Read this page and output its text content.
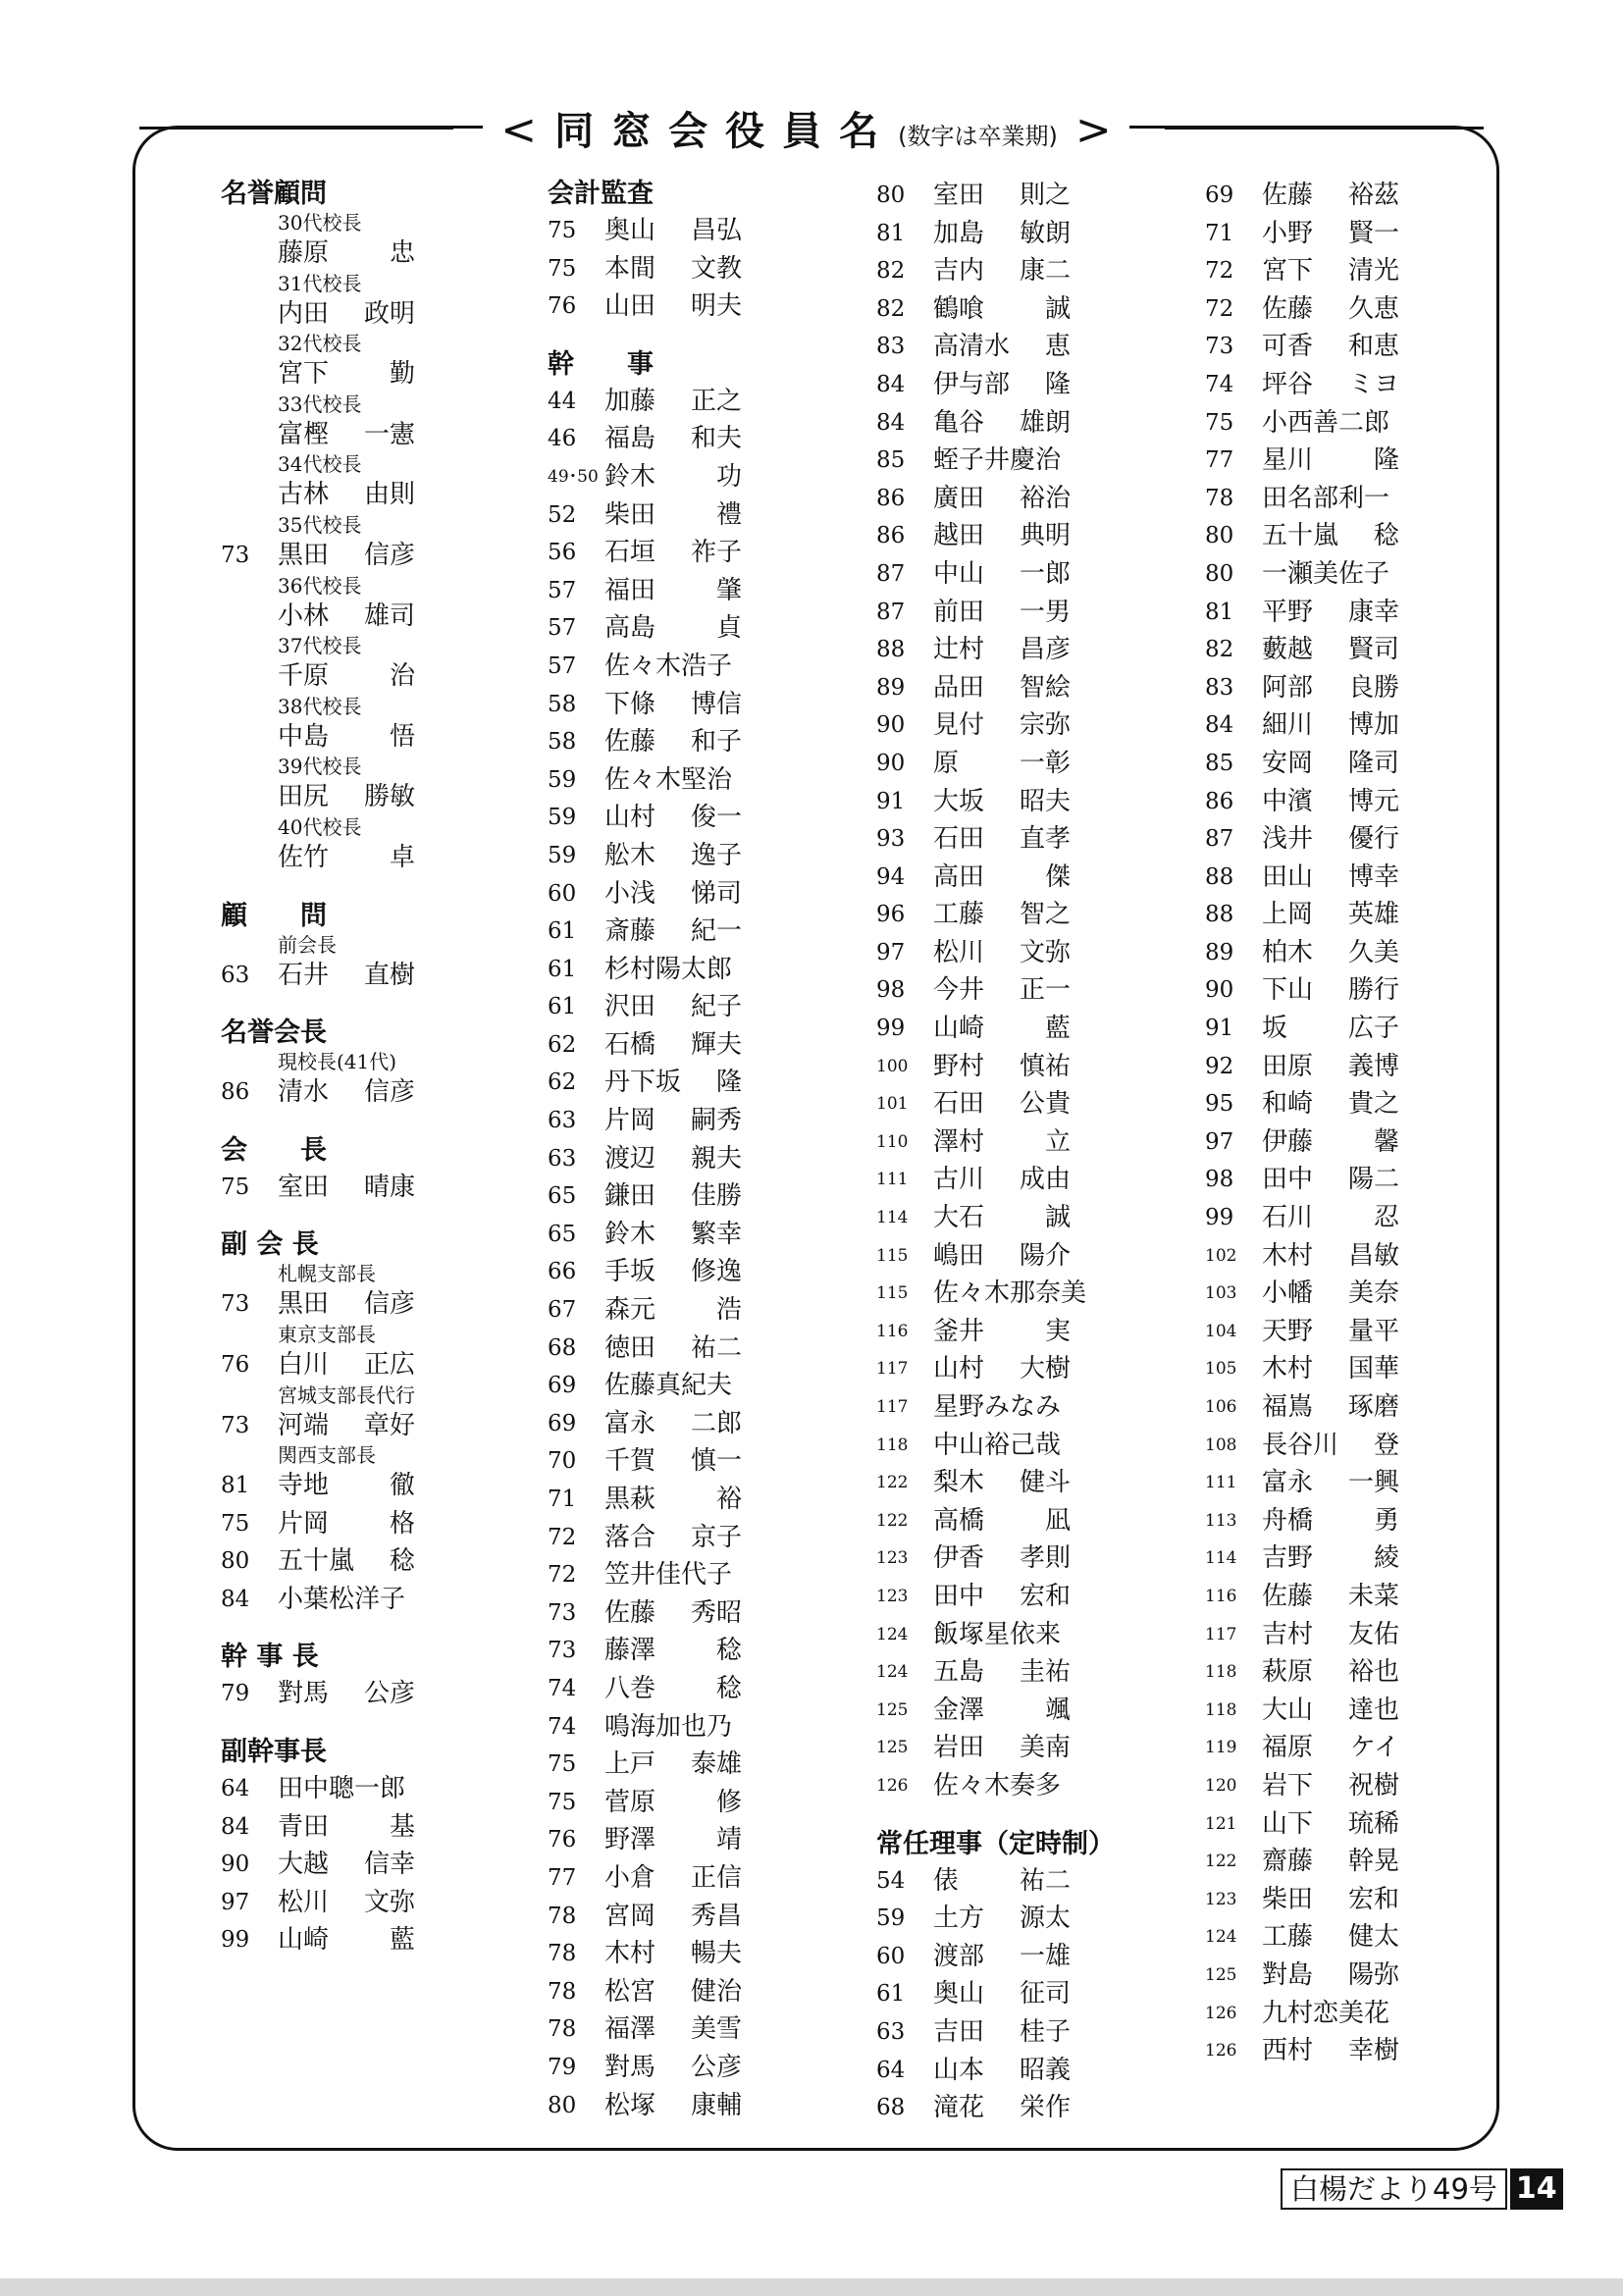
< 同窓会役員名 (数字は卒業期) >
名誉顧問
30代校長
藤原 忠
31代校長
内田 政明
32代校長
宮下 勤
33代校長
富樫 一憲
34代校長
古林 由則
35代校長
73	黒田 信彦
36代校長
小林 雄司
37代校長
千原 治
38代校長
中島 悟
39代校長
田尻 勝敏
40代校長
佐竹 卓
顧　　問
前会長
63	石井 直樹
名誉会長
現校長(41代)
86	清水 信彦
会　　長
75	室田 晴康
副 会 長
札幌支部長
73	黒田 信彦
東京支部長
76	白川 正広
宮城支部長代行
73	河端 章好
関西支部長
81	寺地 徹
75	片岡 格
80	五十嵐 稔
84	小葉松洋子
幹 事 長
79	對馬 公彦
副幹事長
64	田中聰一郎
84	青田 基
90	大越 信幸
97	松川 文弥
99	山崎 藍
会計監査
75	奥山 昌弘
75	本間 文教
76	山田 明夫
幹　　事
44	加藤 正之
46	福島 和夫
49･50 鈴木 功
52	柴田 禮
56	石垣 祚子
57	福田 肇
57	高島 貞
57	佐々木浩子
58	下條 博信
58	佐藤 和子
59	佐々木堅治
59	山村 俊一
59	舩木 逸子
60	小浅 悌司
61	斎藤 紀一
61	杉村陽太郎
61	沢田 紀子
62	石橋 輝夫
62	丹下坂 隆
63	片岡 嗣秀
63	渡辺 親夫
65	鎌田 佳勝
65	鈴木 繁幸
66	手坂 修逸
67	森元 浩
68	徳田 祐二
69	佐藤真紀夫
69	富永 二郎
70	千賀 慎一
71	黒萩 裕
72	落合 京子
72	笠井佳代子
73	佐藤 秀昭
73	藤澤 稔
74	八巻 稔
74	鳴海加也乃
75	上戸 泰雄
75	菅原 修
76	野澤 靖
77	小倉 正信
78	宮岡 秀昌
78	木村 暢夫
78	松宮 健治
78	福澤 美雪
79	對馬 公彦
80	松塚 康輔
80	室田 則之
81	加島 敏朗
82	吉内 康二
82	鶴喰 誠
83	高清水 恵
84	伊与部 隆
84	亀谷 雄朗
85	蛭子井慶治
86	廣田 裕治
86	越田 典明
87	中山 一郎
87	前田 一男
88	辻村 昌彦
89	品田 智絵
90	見付 宗弥
90	原 一彰
91	大坂 昭夫
93	石田 直孝
94	高田 傑
96	工藤 智之
97	松川 文弥
98	今井 正一
99	山崎 藍
100 野村 慎祐
101 石田 公貴
110 澤村 立
111 古川 成由
114 大石 誠
115 嶋田 陽介
115 佐々木那奈美
116 釜井 実
117 山村 大樹
117 星野みなみ
118 中山裕己哉
122 梨木 健斗
122 高橋 凪
123 伊香 孝則
123 田中 宏和
124 飯塚星依来
124 五島 圭祐
125 金澤 颯
125 岩田 美南
126 佐々木奏多
常任理事（定時制）
54	俵 祐二
59	土方 源太
60	渡部 一雄
61	奥山 征司
63	吉田 桂子
64	山本 昭義
68	滝花 栄作
69	佐藤 裕茲
71	小野 賢一
72	宮下 清光
72	佐藤 久恵
73	可香 和恵
74	坪谷 ミヨ
75	小西善二郎
77	星川 隆
78	田名部利一
80	五十嵐 稔
80	一瀬美佐子
81	平野 康幸
82	藪越 賢司
83	阿部 良勝
84	細川 博加
85	安岡 隆司
86	中濱 博元
87	浅井 優行
88	田山 博幸
88	上岡 英雄
89	柏木 久美
90	下山 勝行
91	坂 広子
92	田原 義博
95	和崎 貴之
97	伊藤 馨
98	田中 陽二
99	石川 忍
102 木村 昌敏
103 小幡 美奈
104 天野 量平
105 木村 国華
106 福嶌 琢磨
108 長谷川 登
111 富永 一興
113 舟橋 勇
114 吉野 綾
116 佐藤 未菜
117 吉村 友佑
118 萩原 裕也
118 大山 達也
119 福原 ケイ
120 岩下 祝樹
121 山下 琉稀
122 齋藤 幹晃
123 柴田 宏和
124 工藤 健太
125 對島 陽弥
126 九村恋美花
126 西村 幸樹
白楊だより49号 14
